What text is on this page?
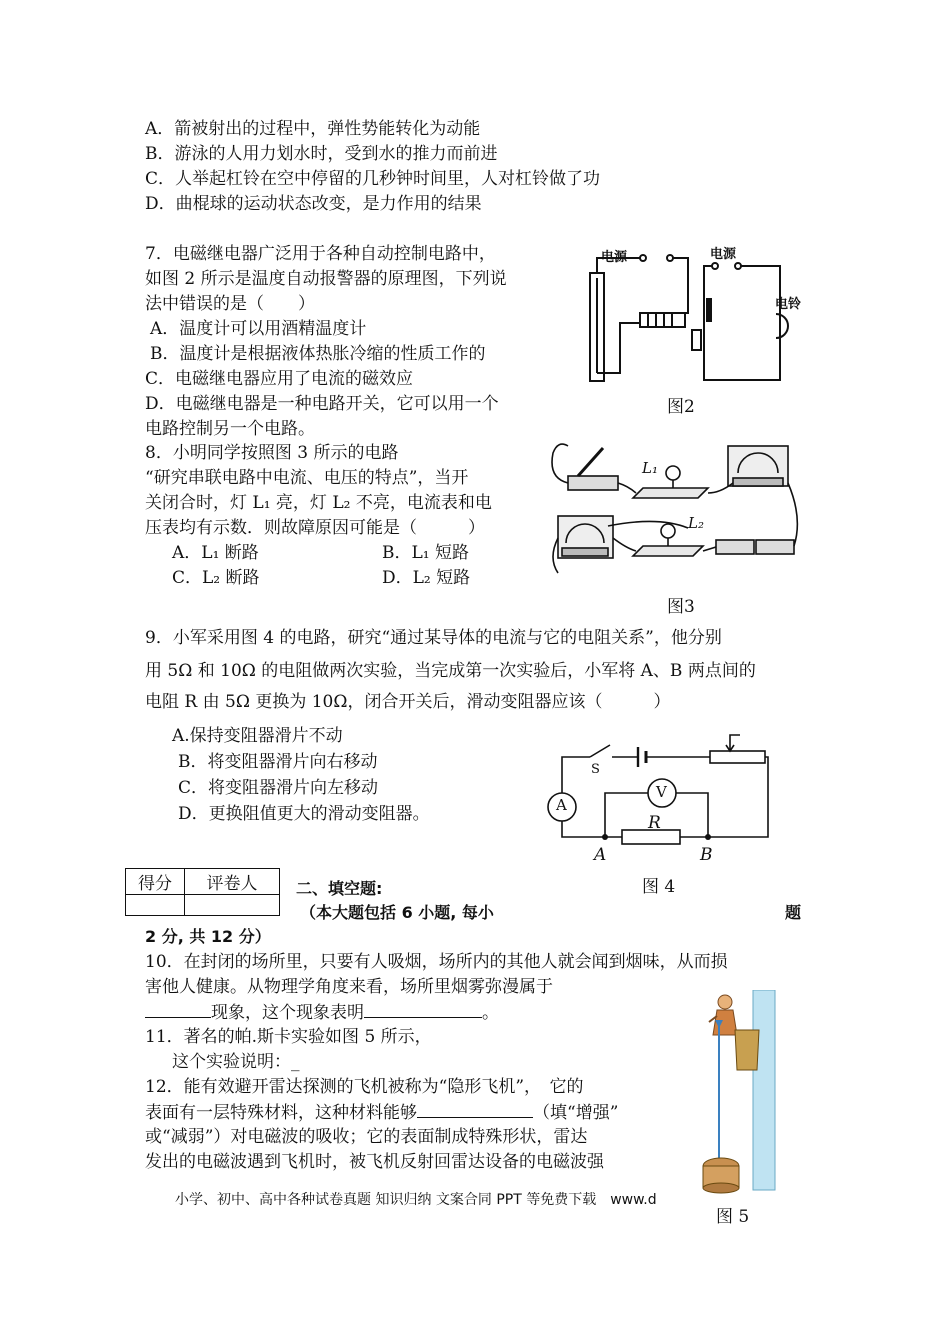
A．箭被射出的过程中，弹性势能转化为动能
B．游泳的人用力划水时，受到水的推力而前进
C．人举起杠铃在空中停留的几秒钟时间里，人对杠铃做了功
D．曲棍球的运动状态改变，是力作用的结果
7．电磁继电器广泛用于各种自动控制电路中，
如图 2 所示是温度自动报警器的原理图，下列说
法中错误的是（　　）
A．温度计可以用酒精温度计
B．温度计是根据液体热胀冷缩的性质工作的
C．电磁继电器应用了电流的磁效应
D．电磁继电器是一种电路开关，它可以用一个
电路控制另一个电路。
电源	电源
电铃
图2
8．小明同学按照图 3 所示的电路
“研究串联电路中电流、电压的特点”，当开
关闭合时，灯 L₁ 亮，灯 L₂ 不亮，电流表和电
压表均有示数．则故障原因可能是（　　　）
A．L₁ 断路	B．L₁ 短路
C．L₂ 断路	D．L₂ 短路
L₁
L₂
图3
9．小军采用图 4 的电路，研究“通过某导体的电流与它的电阻关系”，他分别
用 5Ω 和 10Ω 的电阻做两次实验，当完成第一次实验后，小军将 A、B 两点间的
电阻 R 由 5Ω 更换为 10Ω，闭合开关后，滑动变阻器应该（　　　）
A.保持变阻器滑片不动
B．将变阻器滑片向右移动
C．将变阻器滑片向左移动
D．更换阻值更大的滑动变阻器。
S
A
V
R
A	B
图 4
得分	评卷人
	二、填空题:
（本大题包括 6 小题, 每小	题
2 分, 共 12 分）
10．在封闭的场所里，只要有人吸烟，场所内的其他人就会闻到烟味，从而损
害他人健康。从物理学角度来看，场所里烟雾弥漫属于
现象，这个现象表明	。
11．著名的帕.斯卡实验如图 5 所示，
这个实验说明：_
12．能有效避开雷达探测的飞机被称为“隐形飞机”，　它的
表面有一层特殊材料，这种材料能够	（填“增强”
或“减弱”）对电磁波的吸收；它的表面制成特殊形状，雷达
发出的电磁波遇到飞机时，被飞机反射回雷达设备的电磁波强
图 5
小学、初中、高中各种试卷真题 知识归纳 文案合同 PPT 等免费下载　www.d
